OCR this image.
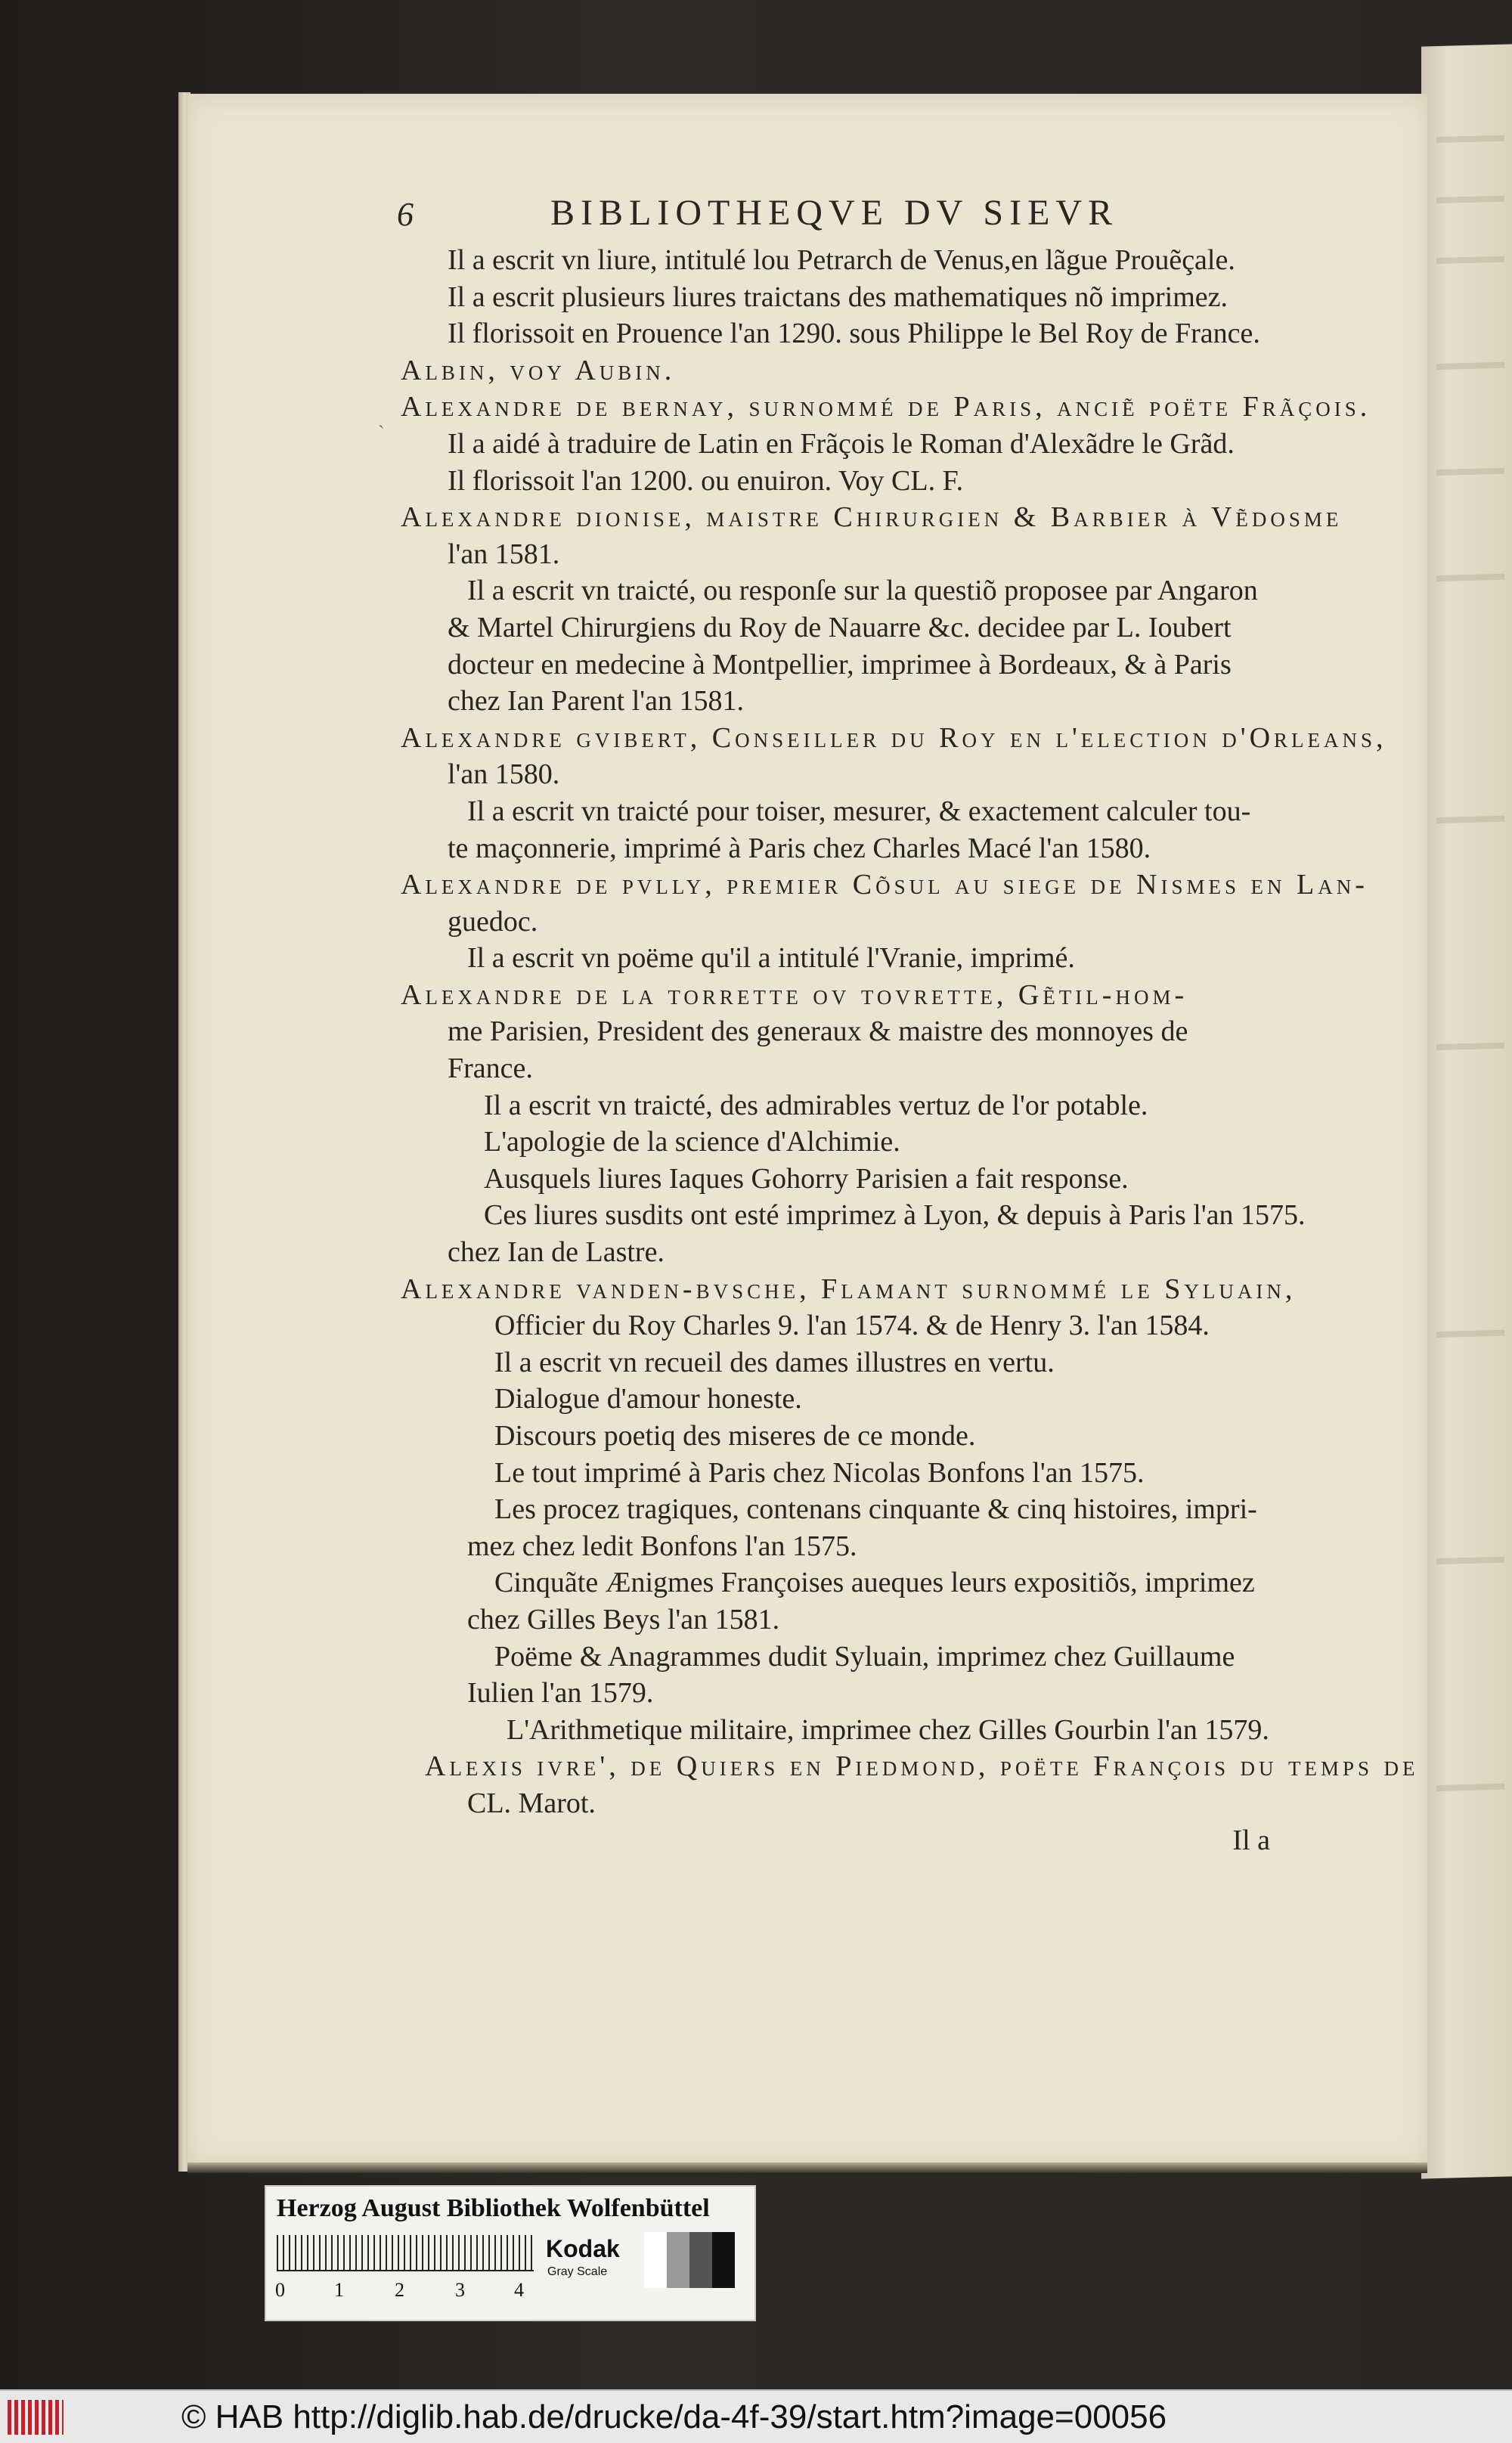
6	BIBLIOTHEQVE DV SIEVR
ˏ
Il a escrit vn liure, intitulé lou Petrarch de Venus,en lãgue Prouẽçale.
Il a escrit plusieurs liures traictans des mathematiques nõ imprimez.
Il florissoit en Prouence l'an 1290. sous Philippe le Bel Roy de France.
Albin, voy Aubin.
Alexandre de bernay, surnommé de Paris, anciẽ poëte Frãçois.
Il a aidé à traduire de Latin en Frãçois le Roman d'Alexãdre le Grãd.
Il florissoit l'an 1200. ou enuiron. Voy CL. F.
Alexandre dionise, maistre Chirurgien & Barbier à Vẽdosme
l'an 1581.
Il a escrit vn traicté, ou responſe sur la questiõ proposee par Angaron
& Martel Chirurgiens du Roy de Nauarre &c. decidee par L. Ioubert
docteur en medecine à Montpellier, imprimee à Bordeaux, & à Paris
chez Ian Parent l'an 1581.
Alexandre gvibert, Conseiller du Roy en l'election d'Orleans,
l'an 1580.
Il a escrit vn traicté pour toiser, mesurer, & exactement calculer tou-
te maçonnerie, imprimé à Paris chez Charles Macé l'an 1580.
Alexandre de pvlly, premier Cõsul au siege de Nismes en Lan-
guedoc.
Il a escrit vn poëme qu'il a intitulé l'Vranie, imprimé.
Alexandre de la torrette ov tovrette, Gẽtil-hom-
me Parisien, President des generaux & maistre des monnoyes de
France.
Il a escrit vn traicté, des admirables vertuz de l'or potable.
L'apologie de la science d'Alchimie.
Ausquels liures Iaques Gohorry Parisien a fait response.
Ces liures susdits ont esté imprimez à Lyon, & depuis à Paris l'an 1575.
chez Ian de Lastre.
Alexandre vanden-bvsche, Flamant surnommé le Syluain,
Officier du Roy Charles 9. l'an 1574. & de Henry 3. l'an 1584.
Il a escrit vn recueil des dames illustres en vertu.
Dialogue d'amour honeste.
Discours poetiq des miseres de ce monde.
Le tout imprimé à Paris chez Nicolas Bonfons l'an 1575.
Les procez tragiques, contenans cinquante & cinq histoires, impri-
mez chez ledit Bonfons l'an 1575.
Cinquãte Ænigmes Françoises aueques leurs expositiõs, imprimez
chez Gilles Beys l'an 1581.
Poëme & Anagrammes dudit Syluain, imprimez chez Guillaume
Iulien l'an 1579.
L'Arithmetique militaire, imprimee chez Gilles Gourbin l'an 1579.
Alexis ivre', de Quiers en Piedmond, poëte François du temps de
CL. Marot.
Il a
Herzog August Bibliothek Wolfenbüttel
0	1	2	3	4
Kodak
Gray Scale
© HAB http://diglib.hab.de/drucke/da-4f-39/start.htm?image=00056
